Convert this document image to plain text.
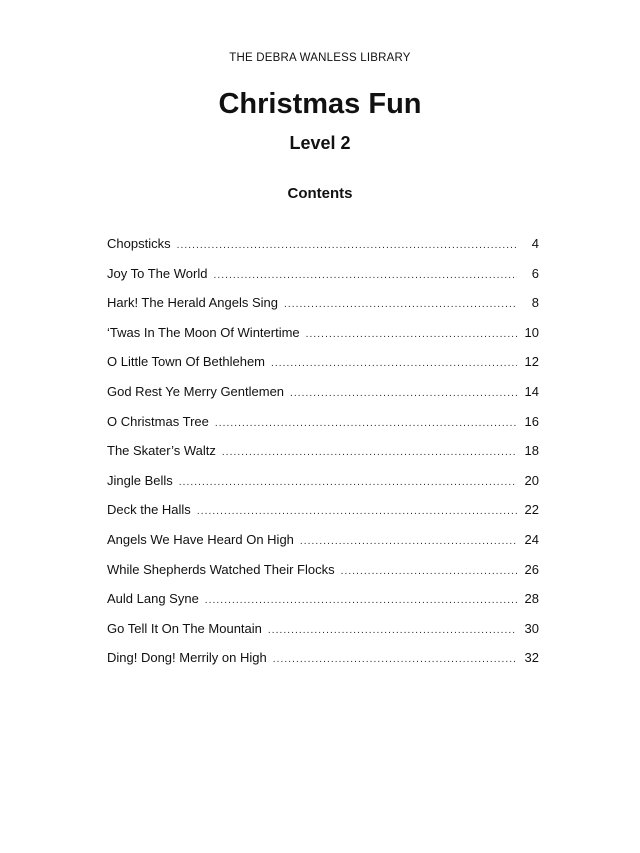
THE DEBRA WANLESS LIBRARY
Christmas Fun
Level 2
Contents
Chopsticks .....	4
Joy To The World .....	6
Hark! The Herald Angels Sing .....	8
‘Twas In The Moon Of Wintertime .....	10
O Little Town Of Bethlehem .....	12
God Rest Ye Merry Gentlemen .....	14
O Christmas Tree .....	16
The Skater’s Waltz .....	18
Jingle Bells .....	20
Deck the Halls .....	22
Angels We Have Heard On High .....	24
While Shepherds Watched Their Flocks .....	26
Auld Lang Syne .....	28
Go Tell It On The Mountain .....	30
Ding! Dong! Merrily on High .....	32
